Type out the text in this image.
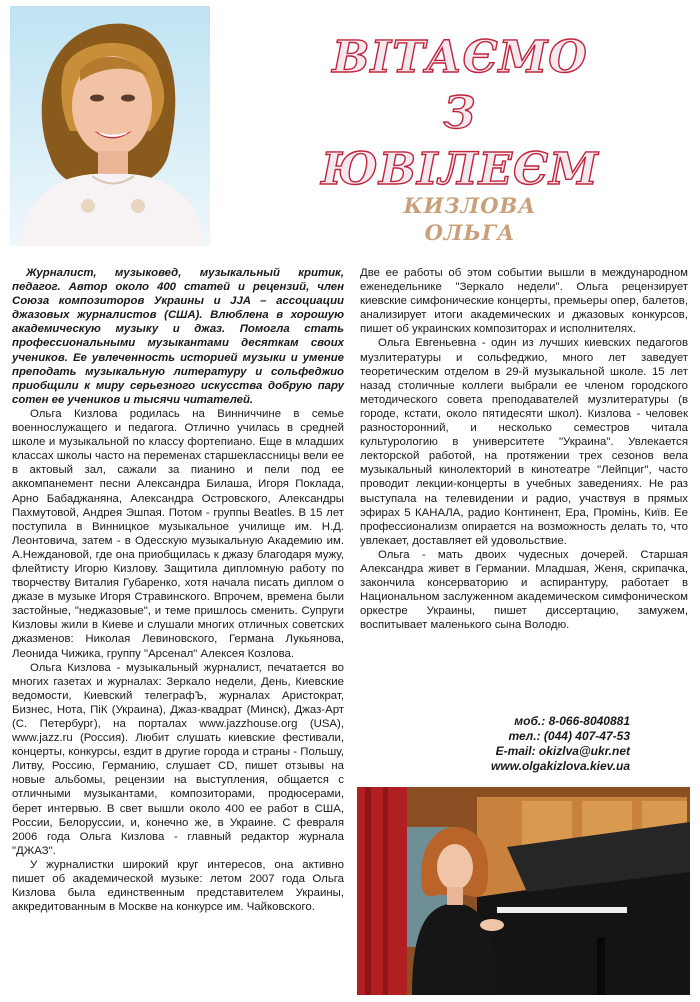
ВІТАЄМО
З ЮВІЛЕЄМ
КИЗЛОВА
ОЛЬГА

Журналист, музыковед, музыкальный критик, педагог. Автор около 400 статей и рецензий, член Союза композиторов Украины и JJA – ассоциации джазовых журналистов (США). Влюблена в хорошую академическую музыку и джаз. Помогла стать профессиональными музыкантами десяткам своих учеников. Ее увлеченность историей музыки и умение преподать музыкальную литературу и сольфеджио приобщили к миру серьезного искусства добрую пару сотен ее учеников и тысячи читателей.

Ольга Кизлова родилась на Винниччине в семье военнослужащего и педагога. Отлично училась в средней школе и музыкальной по классу фортепиано. Еще в младших классах школы часто на переменах старшеклассницы вели ее в актовый зал, сажали за пианино и пели под ее аккомпанемент песни Александра Билаша, Игоря Поклада, Арно Бабаджаняна, Александра Островского, Александры Пахмутовой, Андрея Эшпая. Потом - группы Beatles. В 15 лет поступила в Винницкое музыкальное училище им. Н.Д. Леонтовича, затем - в Одесскую музыкальную Академию им. А.Неждановой, где она приобщилась к джазу благодаря мужу, флейтисту Игорю Кизлову. Защитила дипломную работу по творчеству Виталия Губаренко, хотя начала писать диплом о джазе в музыке Игоря Стравинского. Впрочем, времена были застойные, "неджазовые", и теме пришлось сменить. Супруги Кизловы жили в Киеве и слушали многих отличных советских джазменов: Николая Левиновского, Германа Лукьянова, Леонида Чижика, группу "Арсенал" Алексея Козлова.

Ольга Кизлова - музыкальный журналист, печатается во многих газетах и журналах: Зеркало недели, День, Киевские ведомости, Киевский телеграфЪ, журналах Аристократ, Бизнес, Нота, ПіК (Украина), Джаз-квадрат (Минск), Джаз-Арт (С. Петербург), на порталах www.jazzhouse.org (USA), www.jazz.ru (Россия). Любит слушать киевские фестивали, концерты, конкурсы, ездит в другие города и страны - Польшу, Литву, Россию, Германию, слушает CD, пишет отзывы на новые альбомы, рецензии на выступления, общается с отличными музыкантами, композиторами, продюсерами, берет интервью. В свет вышли около 400 ее работ в США, России, Белоруссии, и, конечно же, в Украине. С февраля 2006 года Ольга Кизлова - главный редактор журнала "ДЖАЗ".

У журналистки широкий круг интересов, она активно пишет об академической музыке: летом 2007 года Ольга Кизлова была единственным представителем Украины, аккредитованным в Москве на конкурсе им. Чайковского.

Две ее работы об этом событии вышли в международном еженедельнике "Зеркало недели". Ольга рецензирует киевские симфонические концерты, премьеры опер, балетов, анализирует итоги академических и джазовых конкурсов, пишет об украинских композиторах и исполнителях.

Ольга Евгеньевна - один из лучших киевских педагогов музлитературы и сольфеджио, много лет заведует теоретическим отделом в 29-й музыкальной школе. 15 лет назад столичные коллеги выбрали ее членом городского методического совета преподавателей музлитературы (в городе, кстати, около пятидесяти школ). Кизлова - человек разносторонний, и несколько семестров читала культурологию в университете "Украина". Увлекается лекторской работой, на протяжении трех сезонов вела музыкальный кинолекторий в кинотеатре "Лейпциг", часто проводит лекции-концерты в учебных заведениях. Не раз выступала на телевидении и радио, участвуя в прямых эфирах 5 КАНАЛА, радио Континент, Ера, Промінь, Київ. Ее профессионализм опирается на возможность делать то, что увлекает, доставляет ей удовольствие.

Ольга - мать двоих чудесных дочерей. Старшая Александра живет в Германии. Младшая, Женя, скрипачка, закончила консерваторию и аспирантуру, работает в Национальном заслуженном академическом симфоническом оркестре Украины, пишет диссертацию, замужем, воспитывает маленького сына Володю.

моб.: 8-066-8040881
тел.: (044) 407-47-53
E-mail: okizlva@ukr.net
www.olgakizlova.kiev.ua
